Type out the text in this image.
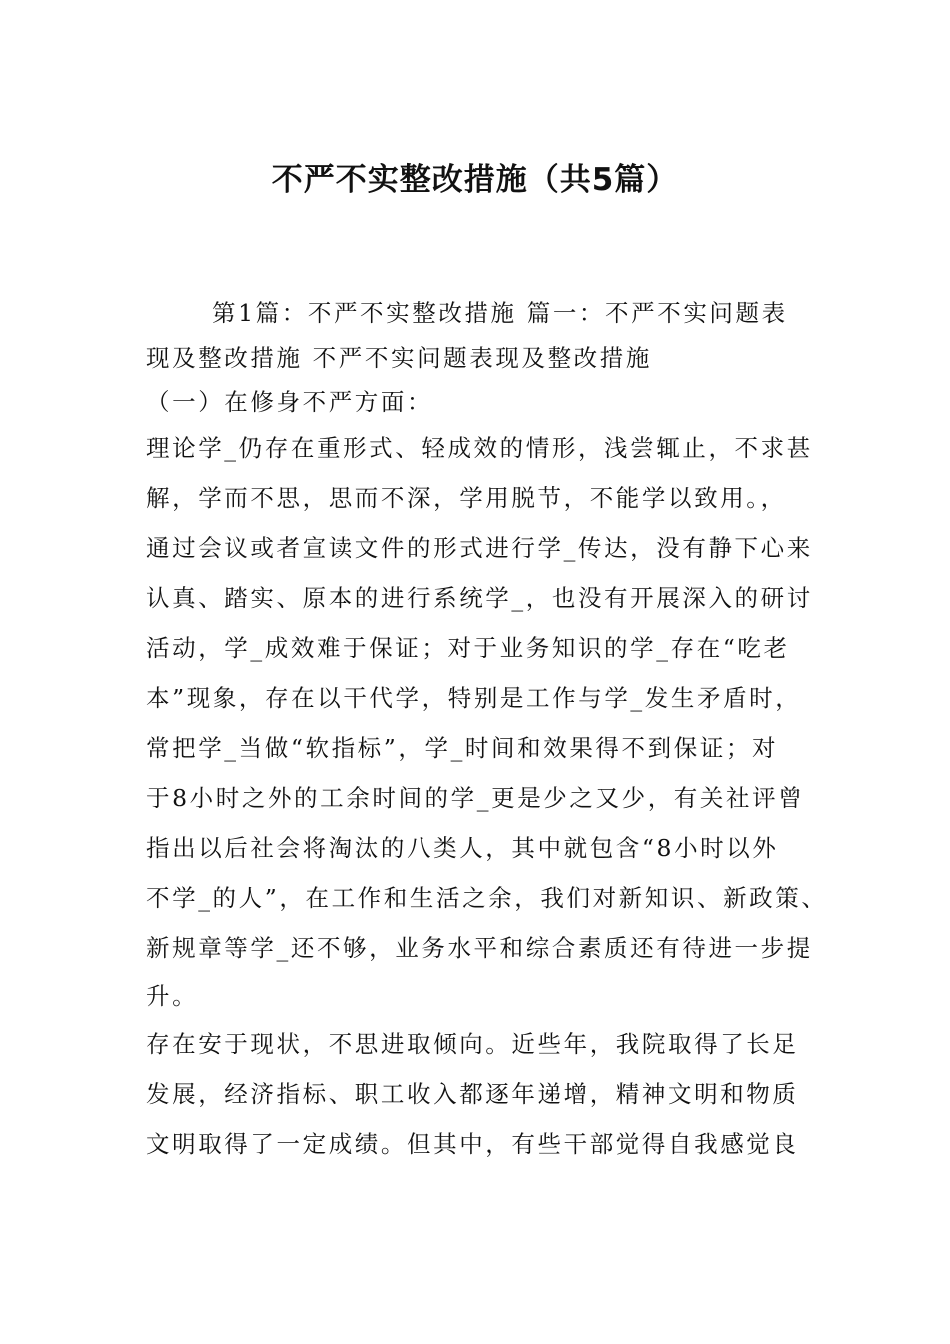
不严不实整改措施（共5篇）
第1篇：不严不实整改措施 篇一：不严不实问题表
现及整改措施 不严不实问题表现及整改措施
（一）在修身不严方面：
理论学_仍存在重形式、轻成效的情形，浅尝辄止，不求甚
解，学而不思，思而不深，学用脱节，不能学以致用。，
通过会议或者宣读文件的形式进行学_传达，没有静下心来
认真、踏实、原本的进行系统学_，也没有开展深入的研讨
活动，学_成效难于保证；对于业务知识的学_存在“吃老
本”现象，存在以干代学，特别是工作与学_发生矛盾时，
常把学_当做“软指标”，学_时间和效果得不到保证；对
于8小时之外的工余时间的学_更是少之又少，有关社评曾
指出以后社会将淘汰的八类人，其中就包含“8小时以外
不学_的人”，在工作和生活之余，我们对新知识、新政策、
新规章等学_还不够，业务水平和综合素质还有待进一步提
升。
存在安于现状，不思进取倾向。近些年，我院取得了长足
发展，经济指标、职工收入都逐年递增，精神文明和物质
文明取得了一定成绩。但其中，有些干部觉得自我感觉良
